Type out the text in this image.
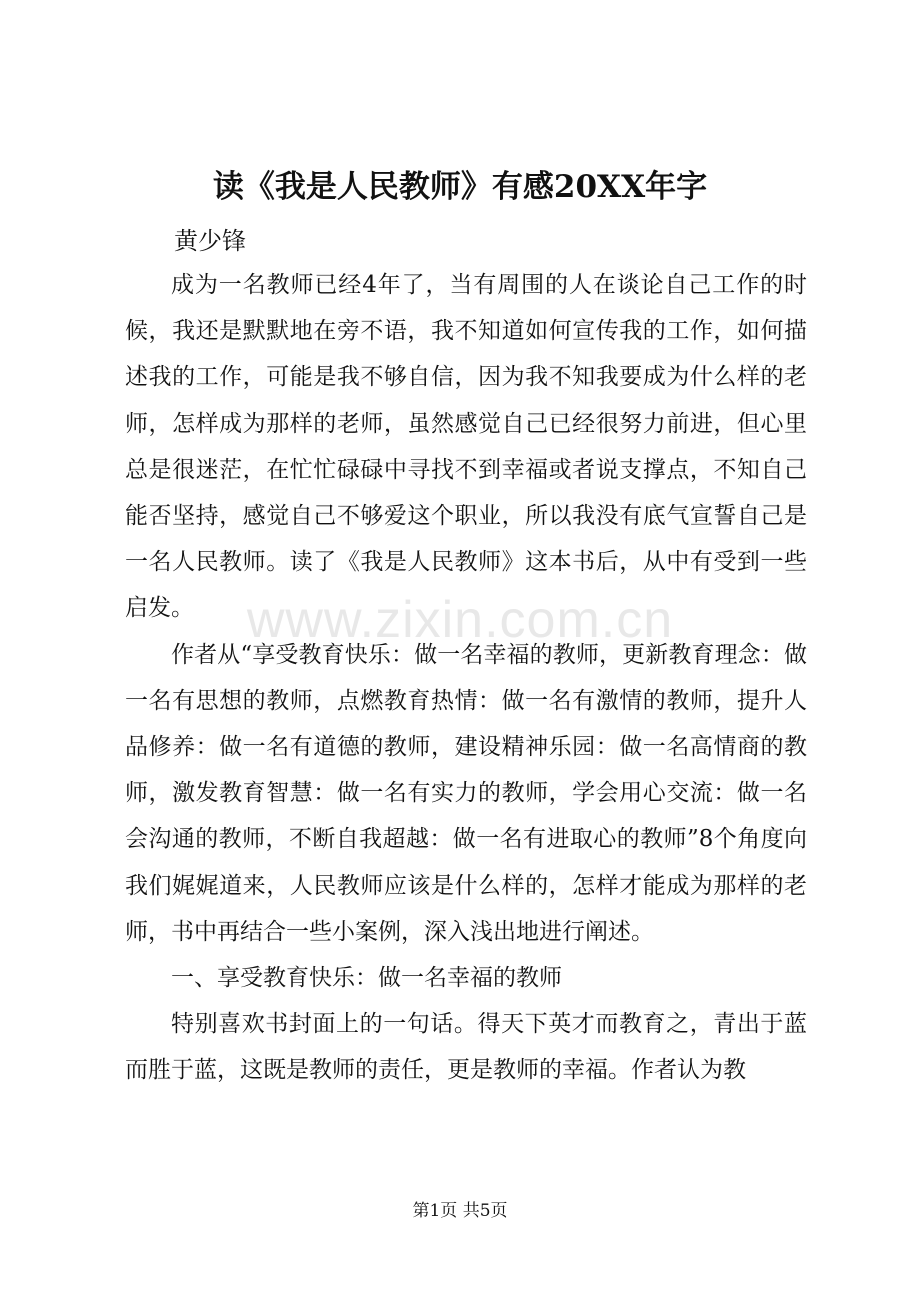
www.zixin.com.cn
读《我是人民教师》有感20XX年字
黄少锋

成为一名教师已经4年了，当有周围的人在谈论自己工作的时候，我还是默默地在旁不语，我不知道如何宣传我的工作，如何描述我的工作，可能是我不够自信，因为我不知我要成为什么样的老师，怎样成为那样的老师，虽然感觉自己已经很努力前进，但心里总是很迷茫，在忙忙碌碌中寻找不到幸福或者说支撑点，不知自己能否坚持，感觉自己不够爱这个职业，所以我没有底气宣誓自己是一名人民教师。读了《我是人民教师》这本书后，从中有受到一些启发。

作者从“享受教育快乐：做一名幸福的教师，更新教育理念：做一名有思想的教师，点燃教育热情：做一名有激情的教师，提升人品修养：做一名有道德的教师，建设精神乐园：做一名高情商的教师，激发教育智慧：做一名有实力的教师，学会用心交流：做一名会沟通的教师，不断自我超越：做一名有进取心的教师”8个角度向我们娓娓道来，人民教师应该是什么样的，怎样才能成为那样的老师，书中再结合一些小案例，深入浅出地进行阐述。

一、享受教育快乐：做一名幸福的教师

特别喜欢书封面上的一句话。得天下英才而教育之，青出于蓝而胜于蓝，这既是教师的责任，更是教师的幸福。作者认为教

第1页 共5页
